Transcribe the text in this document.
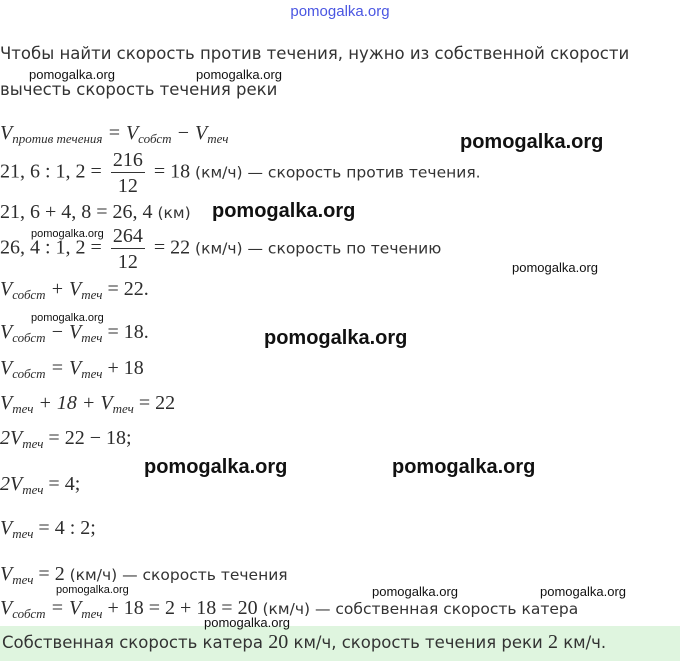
pomogalka.org
Чтобы найти скорость против течения, нужно из собственной скорости
вычесть скорость течения реки
$V_{против течения} = V_{собст} - V_{теч}$
21, 6 : 1, $2 = \frac{216}{12} = 18$ (км/ч) — скорость против течения.
21, 6 + 4, 8 = 26, 4 (км)
26, 4 : 1, $2 = \frac{264}{12} = 22$ (км/ч) — скорость по течению
$V_{собст} + V_{теч} = 22$.
$V_{собст} - V_{теч} = 18$.
$V_{собст} = V_{теч} + 18$
$V_{теч} + 18 + V_{теч} = 22$
$2V_{теч} = 22 - 18$;
$2V_{теч} = 4$;
$V_{теч} = 4$ : 2;
$V_{теч} = 2$ (км/ч) — скорость течения
$V_{собст} = V_{теч} + 18 = 2 + 18 = 20$ (км/ч) — собственная скорость катера
Собственная скорость катера 20 км/ч, скорость течения реки 2 км/ч.
pomogalka.org	pomogalka.org
pomogalka.org
pomogalka.org
pomogalka.org
pomogalka.org
pomogalka.org
pomogalka.org
pomogalka.org	pomogalka.org
pomogalka.org	pomogalka.org	pomogalka.org
pomogalka.org
